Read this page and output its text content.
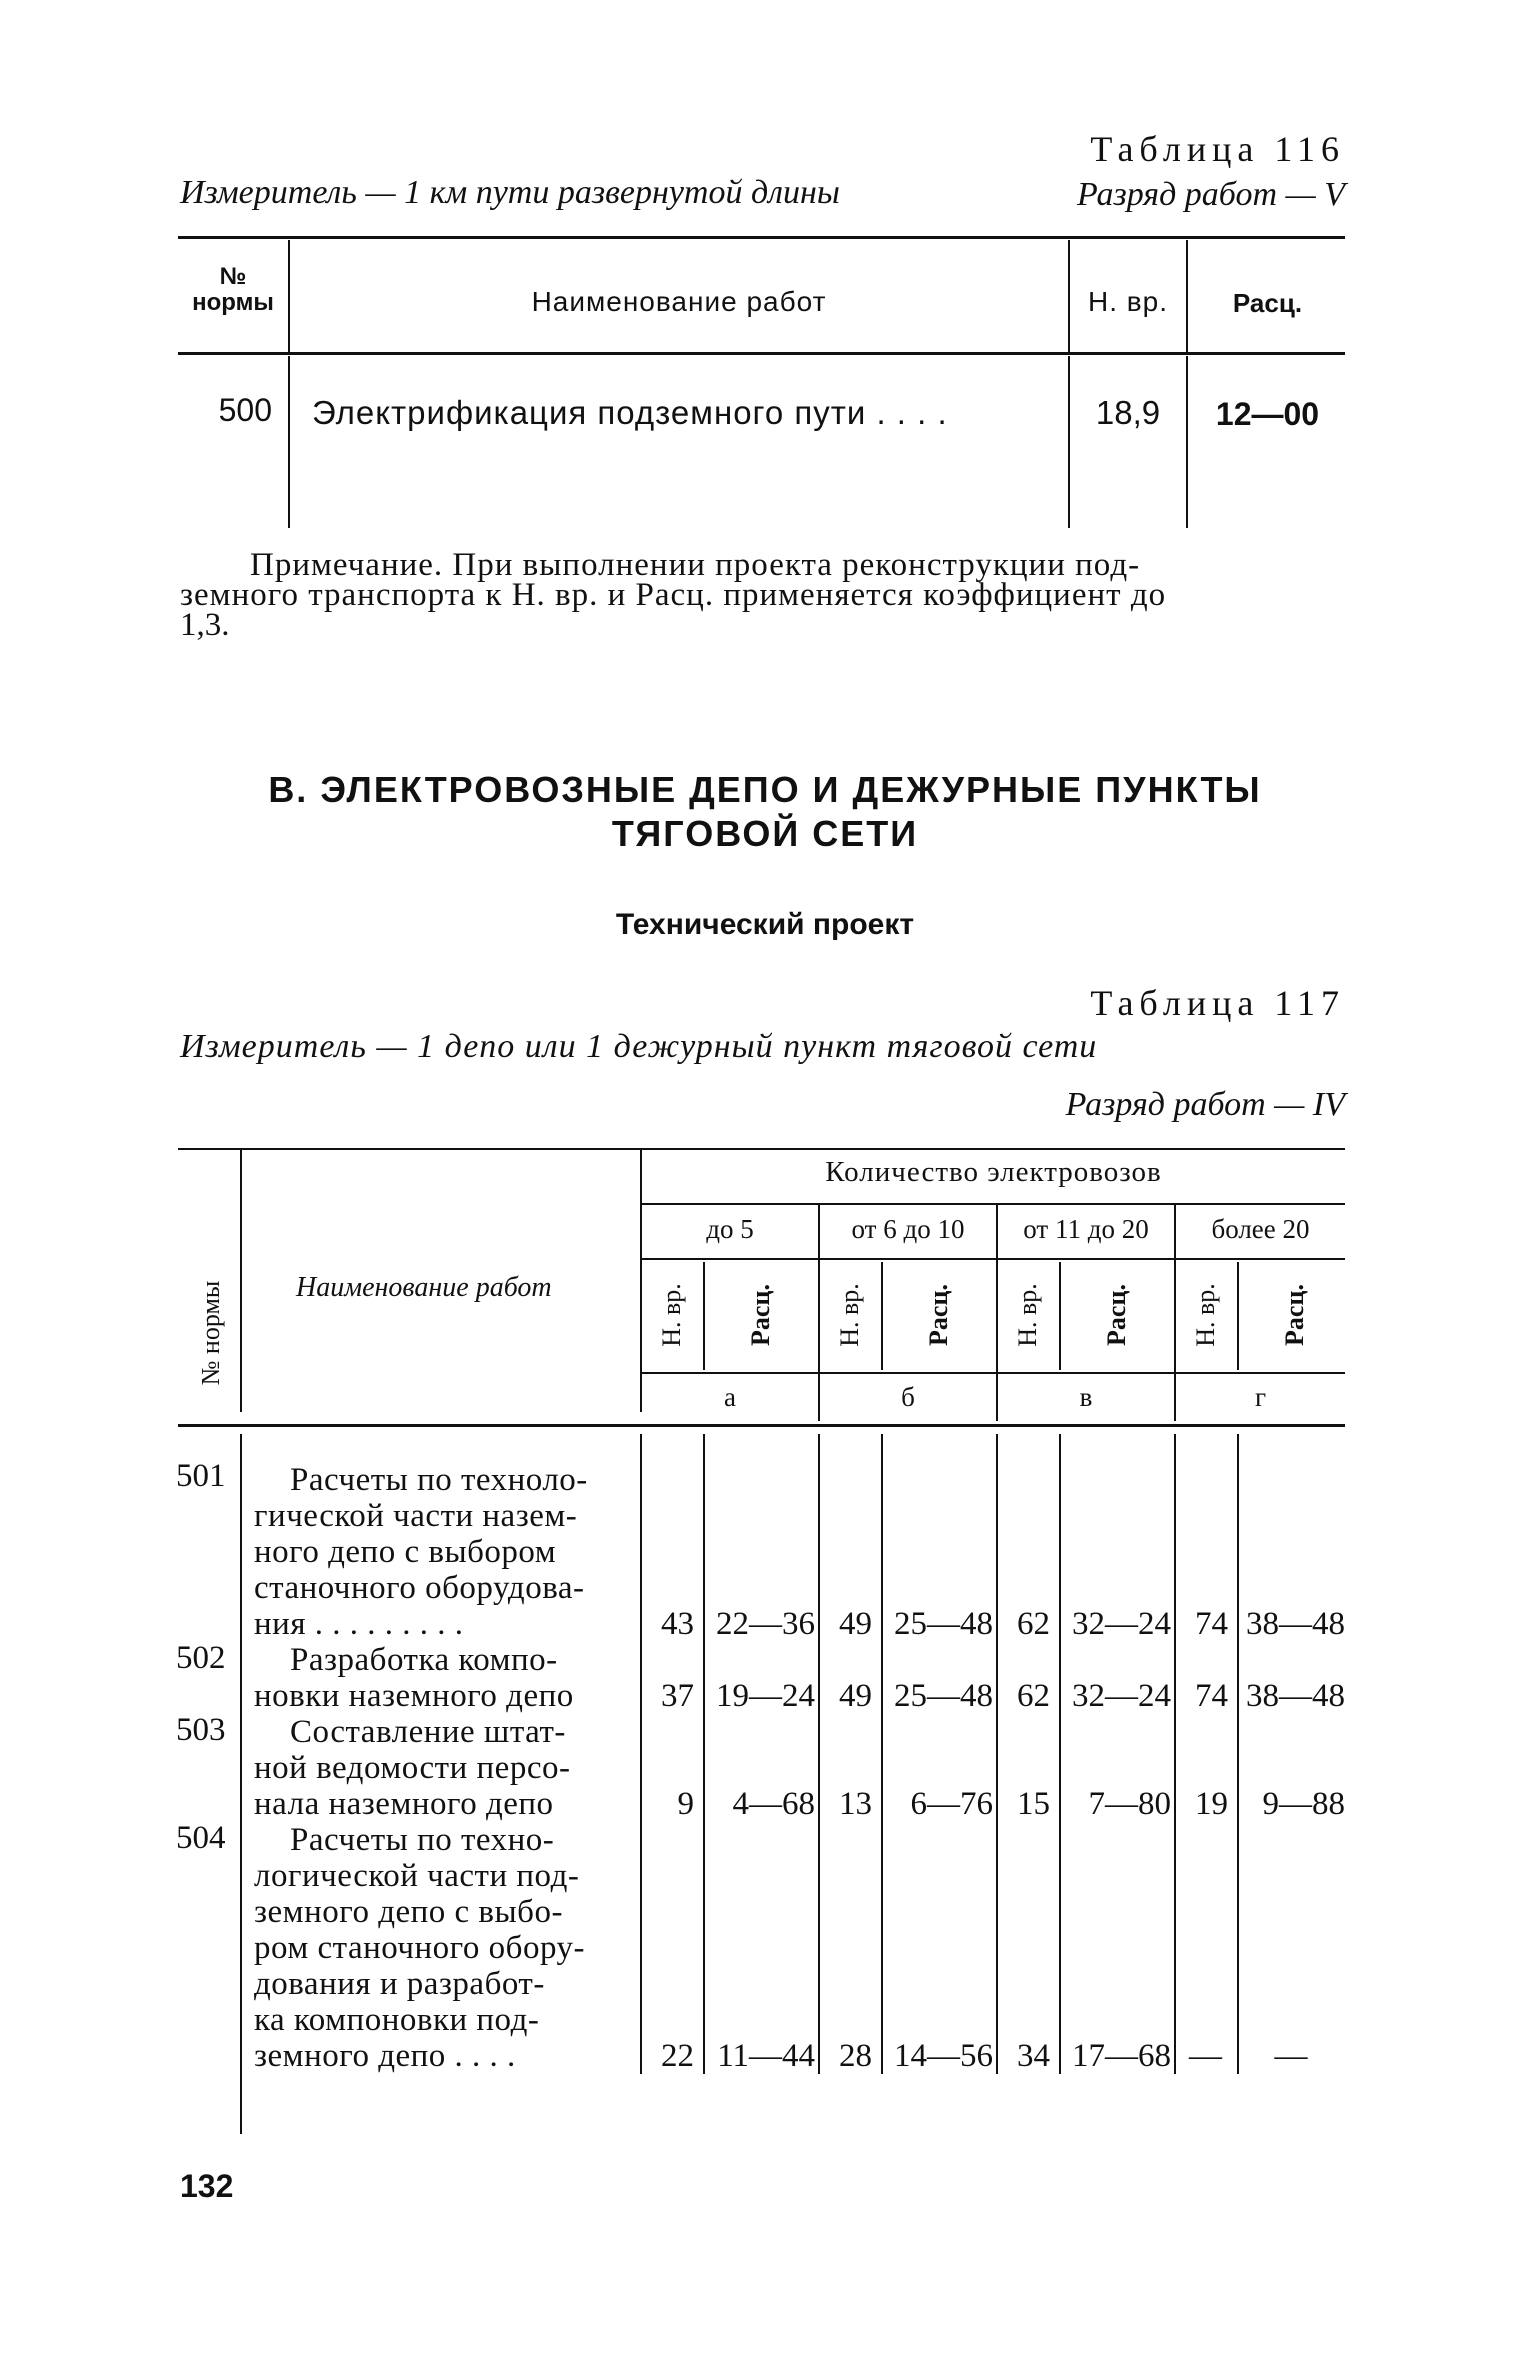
Таблица 116
Измеритель — 1 км пути развернутой длины	Разряд работ — V
№
нормы	Наименование работ	Н. вр.	Расц.
500 Электрификация подземного пути . . . .	18,9	12—00
Примечание. При выполнении проекта реконструкции под-
земного транспорта к Н. вр. и Расц. применяется коэффициент до
1,3.
В. ЭЛЕКТРОВОЗНЫЕ ДЕПО И ДЕЖУРНЫЕ ПУНКТЫ
ТЯГОВОЙ СЕТИ
Технический проект
Таблица 117
Измеритель — 1 депо или 1 дежурный пункт тяговой сети
Разряд работ — IV
Количество электровозов
до 5	от 6 до 10	от 11 до 20	более 20
№ нормы	Наименование работ	Н. вр. Расц. Н. вр. Расц. Н. вр. Расц. Н. вр. Расц.
а	б	в	г
501	Расчеты по техноло-
гической части назем-
ного депо с выбором
станочного оборудова-
ния . . . . . . . . .	43 22—36 49 25—48 62 32—24 74 38—48
502	Разработка компо-
новки наземного депо	37 19—24 49 25—48 62 32—24 74 38—48
503	Составление штат-
ной ведомости персо-
нала наземного депо	9	4—68 13	6—76 15	7—80 19	9—88
504	Расчеты по техно-
логической части под-
земного депо с выбо-
ром станочного обору-
дования и разработ-
ка компоновки под-
земного депо . . . .	22 11—44 28 14—56 34 17—68 —	—
132
